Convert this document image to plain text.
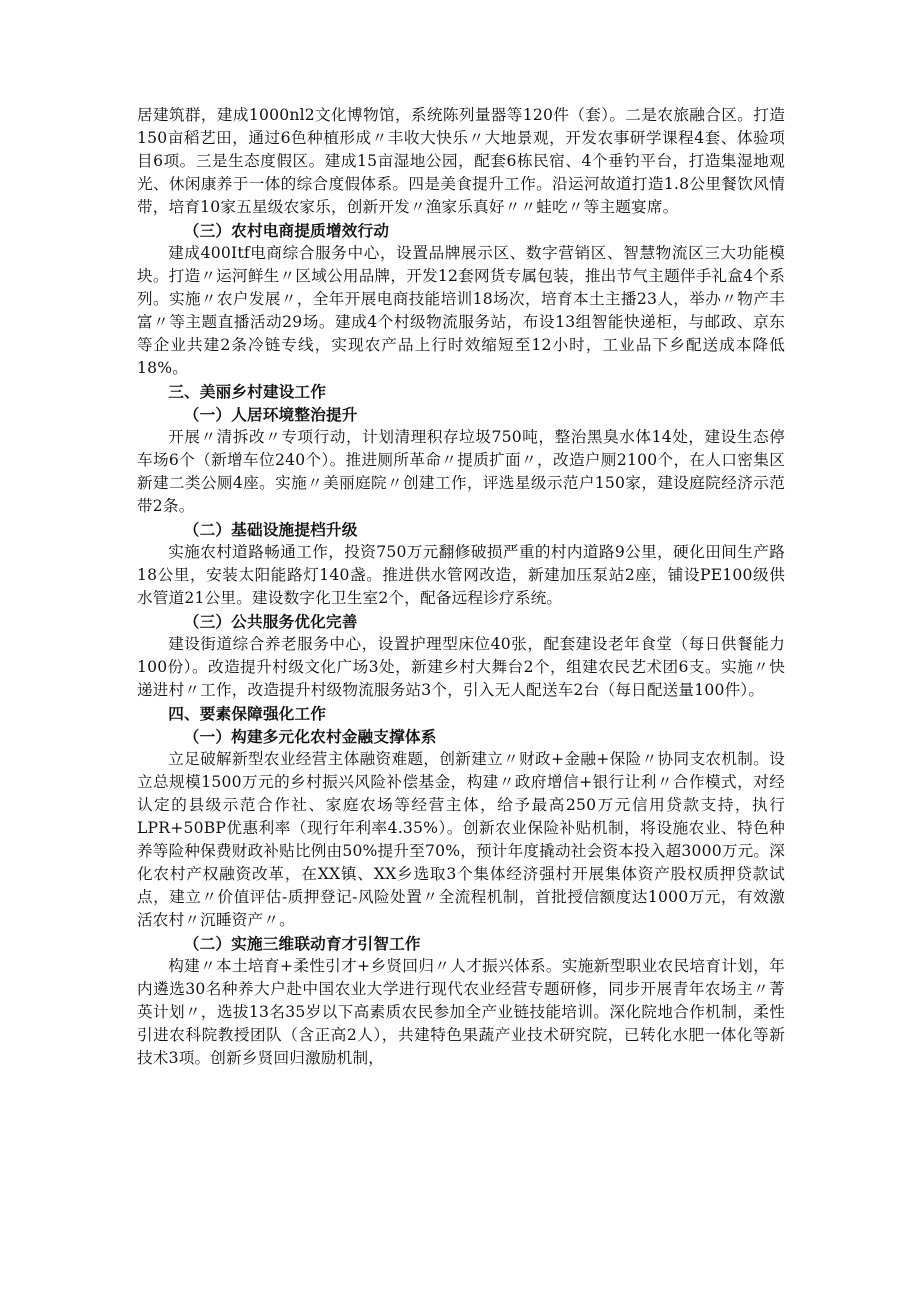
居建筑群，建成1000nl2文化博物馆，系统陈列量器等120件（套）。二是农旅融合区。打造150亩稻艺田，通过6色种植形成〃丰收大快乐〃大地景观，开发农事研学课程4套、体验项目6项。三是生态度假区。建成15亩湿地公园，配套6栋民宿、4个垂钓平台，打造集湿地观光、休闲康养于一体的综合度假体系。四是美食提升工作。沿运河故道打造1.8公里餐饮风情带，培育10家五星级农家乐，创新开发〃渔家乐真好〃〃蛙吃〃等主题宴席。

（三）农村电商提质增效行动

建成400Itf电商综合服务中心，设置品牌展示区、数字营销区、智慧物流区三大功能模块。打造〃运河鲜生〃区域公用品牌，开发12套网货专属包装，推出节气主题伴手礼盒4个系列。实施〃农户发展〃，全年开展电商技能培训18场次，培育本土主播23人，举办〃物产丰富〃等主题直播活动29场。建成4个村级物流服务站，布设13组智能快递柜，与邮政、京东等企业共建2条冷链专线，实现农产品上行时效缩短至12小时，工业品下乡配送成本降低18%。

三、美丽乡村建设工作

（一）人居环境整治提升

开展〃清拆改〃专项行动，计划清理积存垃圾750吨，整治黑臭水体14处，建设生态停车场6个（新增车位240个）。推进厕所革命〃提质扩面〃，改造户厕2100个，在人口密集区新建二类公厕4座。实施〃美丽庭院〃创建工作，评选星级示范户150家，建设庭院经济示范带2条。

（二）基础设施提档升级

实施农村道路畅通工作，投资750万元翻修破损严重的村内道路9公里，硬化田间生产路18公里，安装太阳能路灯140盏。推进供水管网改造，新建加压泵站2座，铺设PE100级供水管道21公里。建设数字化卫生室2个，配备远程诊疗系统。

（三）公共服务优化完善

建设街道综合养老服务中心，设置护理型床位40张，配套建设老年食堂（每日供餐能力100份）。改造提升村级文化广场3处，新建乡村大舞台2个，组建农民艺术团6支。实施〃快递进村〃工作，改造提升村级物流服务站3个，引入无人配送车2台（每日配送量100件）。

四、要素保障强化工作

（一）构建多元化农村金融支撑体系

立足破解新型农业经营主体融资难题，创新建立〃财政+金融+保险〃协同支农机制。设立总规模1500万元的乡村振兴风险补偿基金，构建〃政府增信+银行让利〃合作模式，对经认定的县级示范合作社、家庭农场等经营主体，给予最高250万元信用贷款支持，执行LPR+50BP优惠利率（现行年利率4.35%）。创新农业保险补贴机制，将设施农业、特色种养等险种保费财政补贴比例由50%提升至70%，预计年度撬动社会资本投入超3000万元。深化农村产权融资改革，在XX镇、XX乡选取3个集体经济强村开展集体资产股权质押贷款试点，建立〃价值评估-质押登记-风险处置〃全流程机制，首批授信额度达1000万元，有效激活农村〃沉睡资产〃。

（二）实施三维联动育才引智工作

构建〃本土培育+柔性引才+乡贤回归〃人才振兴体系。实施新型职业农民培育计划，年内遴选30名种养大户赴中国农业大学进行现代农业经营专题研修，同步开展青年农场主〃菁英计划〃，选拔13名35岁以下高素质农民参加全产业链技能培训。深化院地合作机制，柔性引进农科院教授团队（含正高2人），共建特色果蔬产业技术研究院，已转化水肥一体化等新技术3项。创新乡贤回归激励机制，
